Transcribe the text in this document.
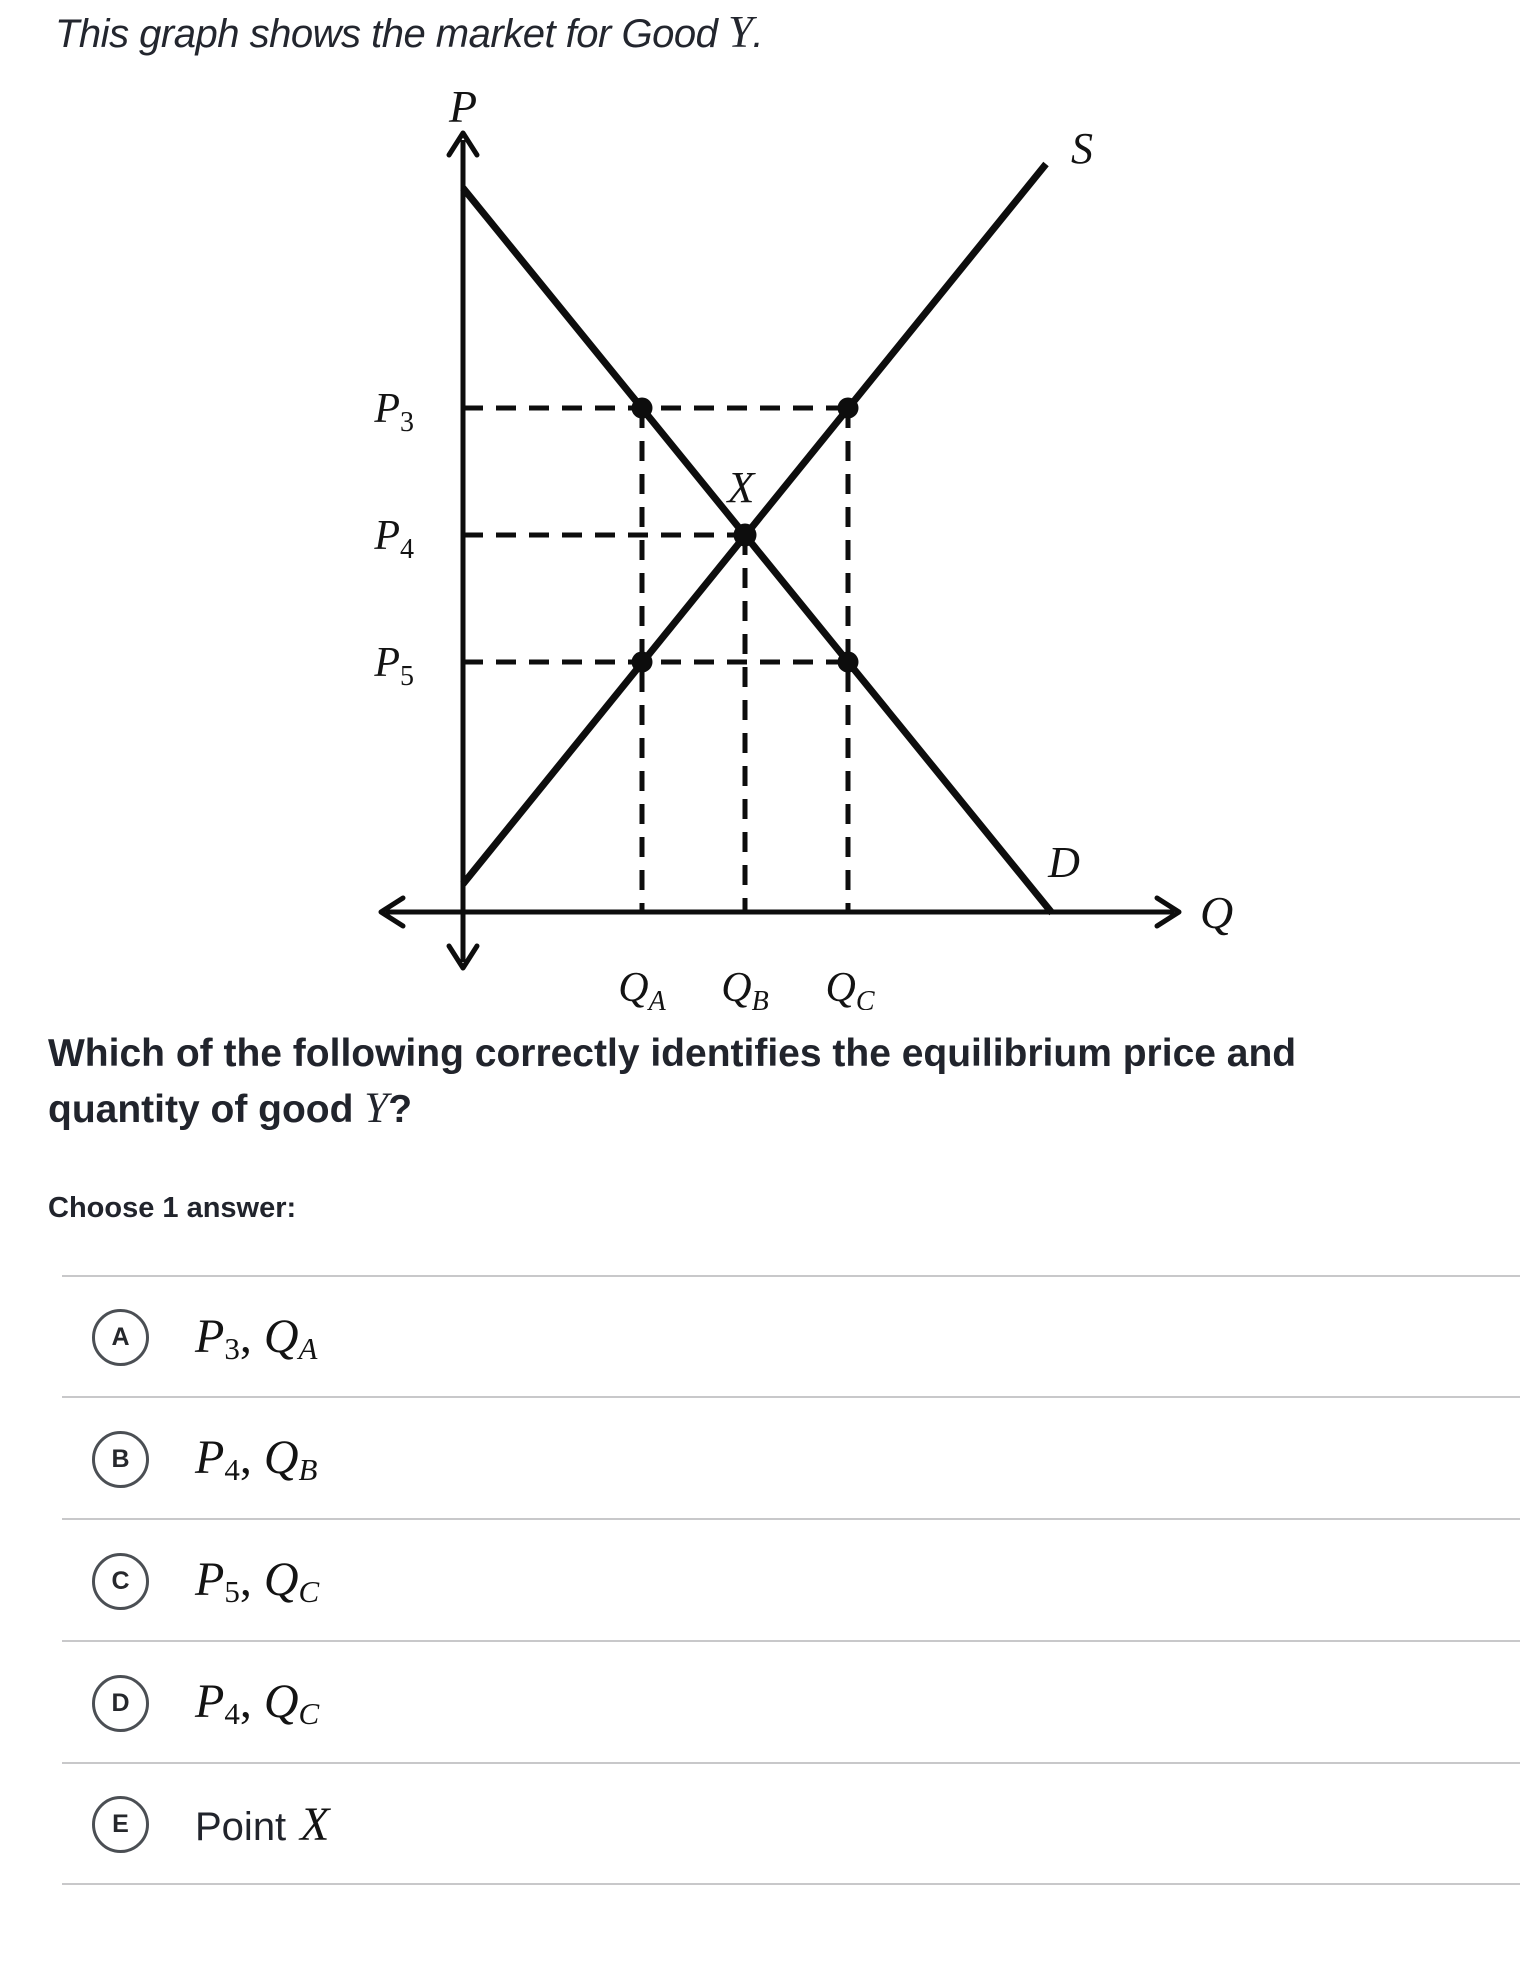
P
Q
S
D
X
$P_3$
$P_4$
$P_5$
$Q_A$ $Q_B$ $Q_C$
This graph shows the market for Good Y.
Which of the following correctly identifies the equilibrium price and
quantity of good Y?
Choose 1 answer:
A	P3, QA
B	P4, QB
C	P5, QC
D	P4, QC
E	Point X
